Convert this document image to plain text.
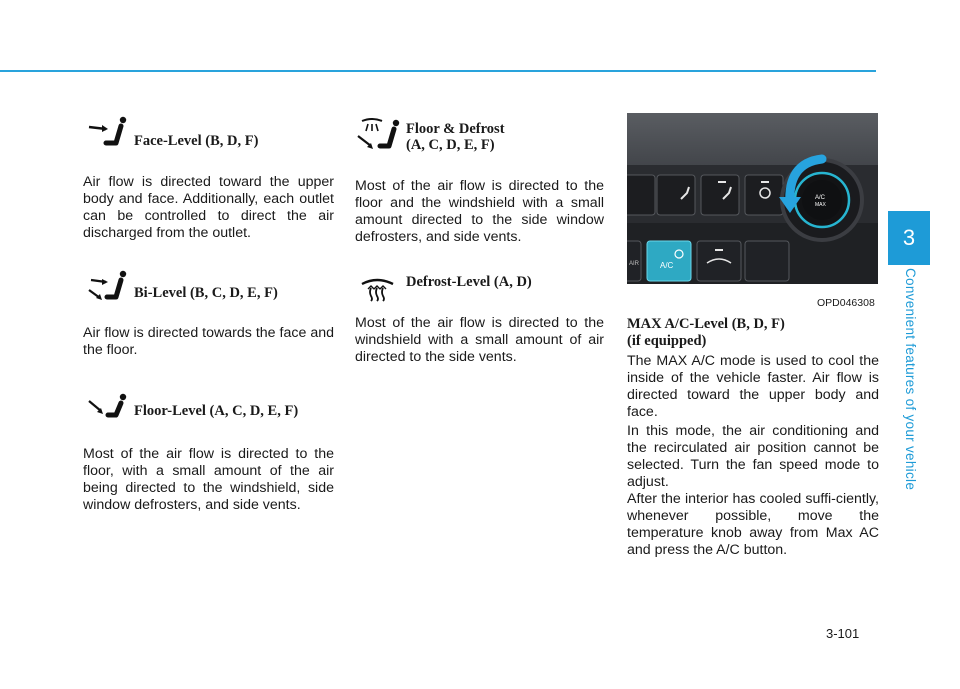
3
Convenient features of your vehicle
Face-Level (B, D, F)

Air flow is directed toward the upper body and face. Additionally, each outlet can be controlled to direct the air discharged from the outlet.

Bi-Level (B, C, D, E, F)

Air flow is directed towards the face and the floor.

Floor-Level (A, C, D, E, F)

Most of the air flow is directed to the floor, with a small amount of the air being directed to the windshield, side window defrosters, and side vents.

Floor & Defrost
(A, C, D, E, F)

Most of the air flow is directed to the floor and the windshield with a small amount directed to the side window defrosters, and side vents.

Defrost-Level (A, D)

Most of the air flow is directed to the windshield with a small amount of air directed to the side vents.

AIR	A/C
A/C
MAX
OPD046308
MAX A/C-Level (B, D, F)
(if equipped)

The MAX A/C mode is used to cool the inside of the vehicle faster. Air flow is directed toward the upper body and face.

In this mode, the air conditioning and the recirculated air position cannot be selected. Turn the fan speed mode to adjust.

After the interior has cooled suffi-ciently, whenever possible, move the temperature knob away from Max AC and press the A/C button.

3-101
